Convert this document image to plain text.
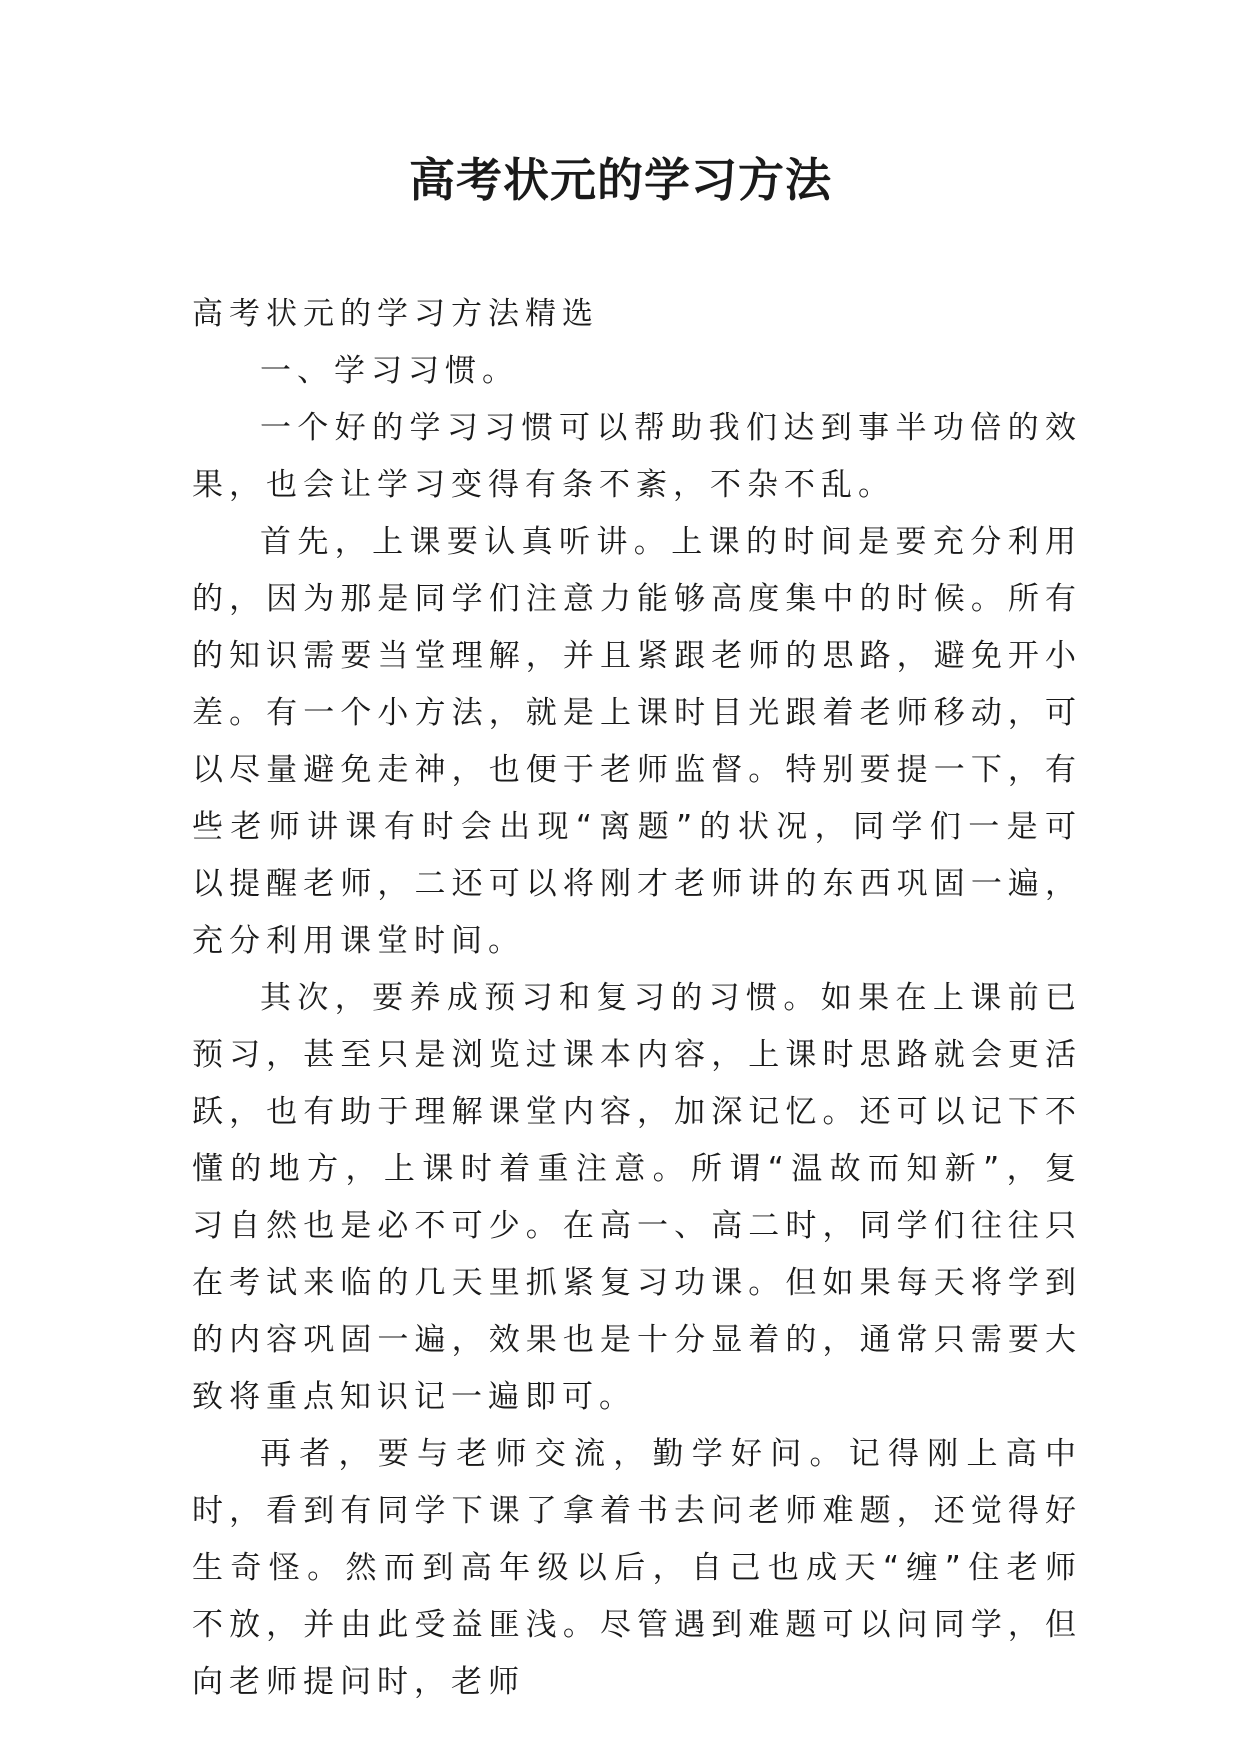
高考状元的学习方法

高考状元的学习方法精选

一、学习习惯。

一个好的学习习惯可以帮助我们达到事半功倍的效果，也会让学习变得有条不紊，不杂不乱。

首先，上课要认真听讲。上课的时间是要充分利用的，因为那是同学们注意力能够高度集中的时候。所有的知识需要当堂理解，并且紧跟老师的思路，避免开小差。有一个小方法，就是上课时目光跟着老师移动，可以尽量避免走神，也便于老师监督。特别要提一下，有些老师讲课有时会出现“离题”的状况，同学们一是可以提醒老师，二还可以将刚才老师讲的东西巩固一遍，充分利用课堂时间。

其次，要养成预习和复习的习惯。如果在上课前已预习，甚至只是浏览过课本内容，上课时思路就会更活跃，也有助于理解课堂内容，加深记忆。还可以记下不懂的地方，上课时着重注意。所谓“温故而知新”，复习自然也是必不可少。在高一、高二时，同学们往往只在考试来临的几天里抓紧复习功课。但如果每天将学到的内容巩固一遍，效果也是十分显着的，通常只需要大致将重点知识记一遍即可。

再者，要与老师交流，勤学好问。记得刚上高中时，看到有同学下课了拿着书去问老师难题，还觉得好生奇怪。然而到高年级以后，自己也成天“缠”住老师不放，并由此受益匪浅。尽管遇到难题可以问同学，但向老师提问时，老师
